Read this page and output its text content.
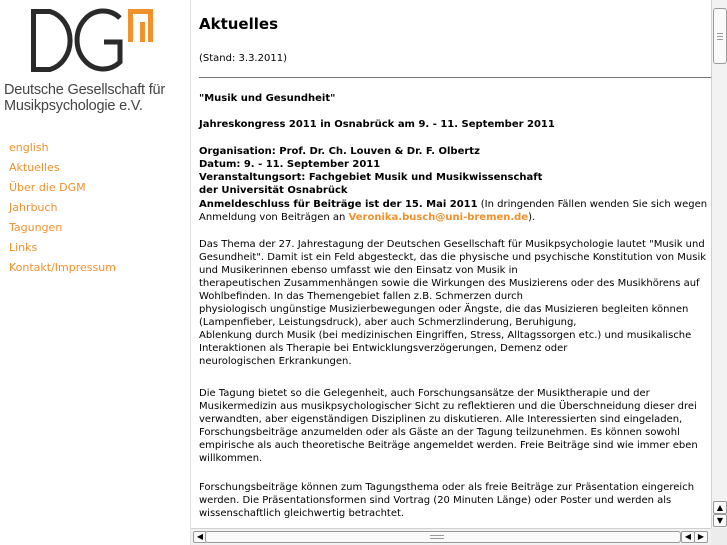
Deutsche Gesellschaft für
Musikpsychologie e.V.
english
Aktuelles
Über die DGM
Jahrbuch
Tagungen
Links
Kontakt/Impressum
Aktuelles
(Stand: 3.3.2011)
"Musik und Gesundheit"
Jahreskongress 2011 in Osnabrück am 9. - 11. September 2011
Organisation: Prof. Dr. Ch. Louven & Dr. F. Olbertz
Datum: 9. - 11. September 2011
Veranstaltungsort: Fachgebiet Musik und Musikwissenschaft
der Universität Osnabrück
Anmeldeschluss für Beiträge ist der 15. Mai 2011 (In dringenden Fällen wenden Sie sich wegen
Anmeldung von Beiträgen an Veronika.busch@uni-bremen.de).
Das Thema der 27. Jahrestagung der Deutschen Gesellschaft für Musikpsychologie lautet "Musik und
Gesundheit". Damit ist ein Feld abgesteckt, das die physische und psychische Konstitution von Musik
und Musikerinnen ebenso umfasst wie den Einsatz von Musik in
therapeutischen Zusammenhängen sowie die Wirkungen des Musizierens oder des Musikhörens auf
Wohlbefinden. In das Themengebiet fallen z.B. Schmerzen durch
physiologisch ungünstige Musizierbewegungen oder Ängste, die das Musizieren begleiten können
(Lampenfieber, Leistungsdruck), aber auch Schmerzlinderung, Beruhigung,
Ablenkung durch Musik (bei medizinischen Eingriffen, Stress, Alltagssorgen etc.) und musikalische
Interaktionen als Therapie bei Entwicklungsverzögerungen, Demenz oder
neurologischen Erkrankungen.
Die Tagung bietet so die Gelegenheit, auch Forschungsansätze der Musiktherapie und der
Musikermedizin aus musikpsychologischer Sicht zu reflektieren und die Überschneidung dieser drei
verwandten, aber eigenständigen Disziplinen zu diskutieren. Alle Interessierten sind eingeladen,
Forschungsbeiträge anzumelden oder als Gäste an der Tagung teilzunehmen. Es können sowohl
empirische als auch theoretische Beiträge angemeldet werden. Freie Beiträge sind wie immer eben
willkommen.
Forschungsbeiträge können zum Tagungsthema oder als freie Beiträge zur Präsentation eingereich
werden. Die Präsentationsformen sind Vortrag (20 Minuten Länge) oder Poster und werden als
wissenschaftlich gleichwertig betrachtet.
▲
▼
◀	◀ ▶
